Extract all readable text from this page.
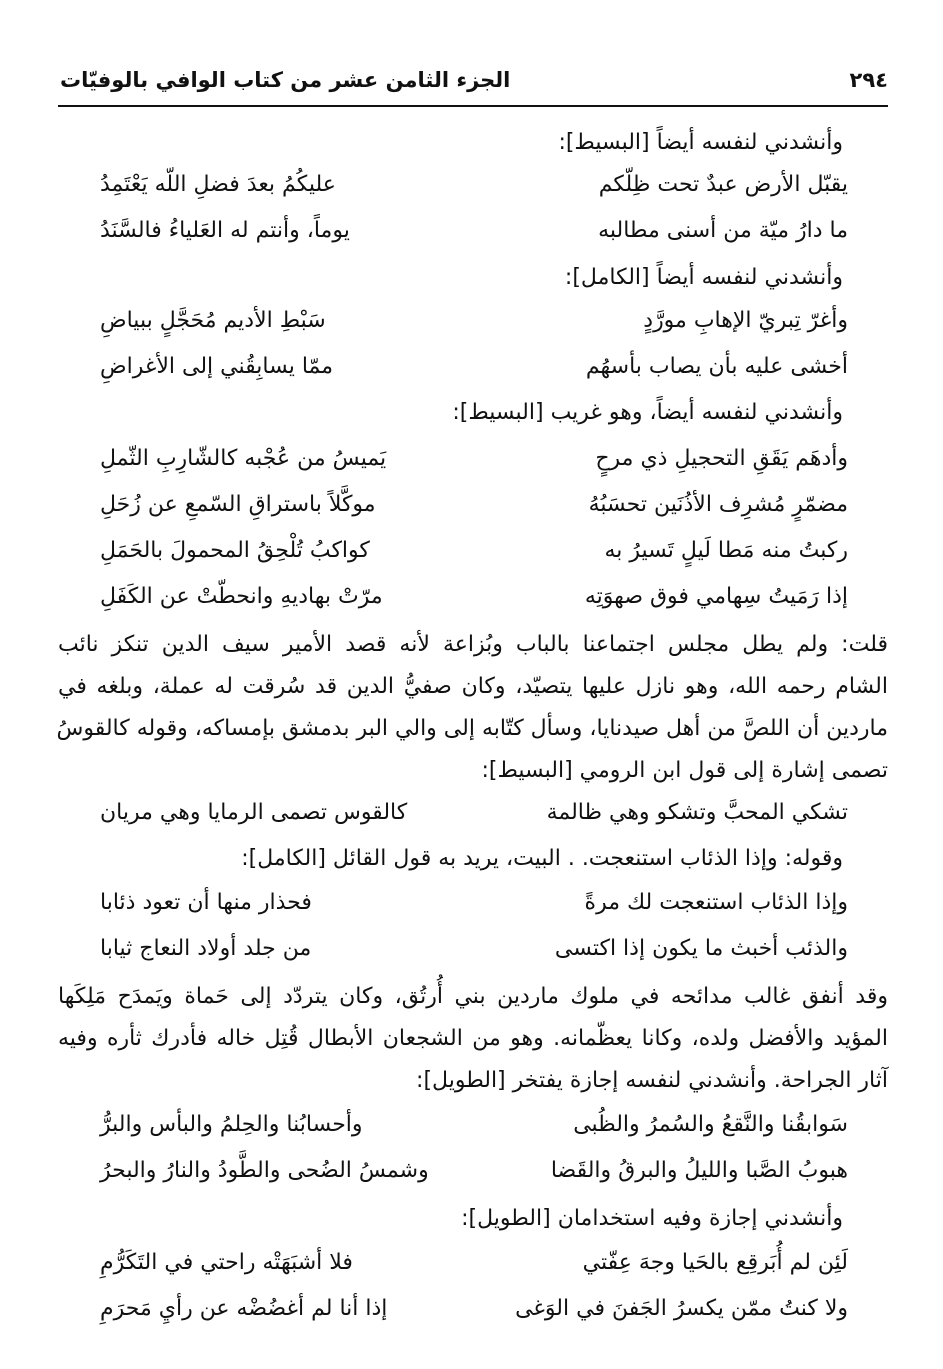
٢٩٤
الجزء الثامن عشر من كتاب الوافي بالوفيّات
وأنشدني لنفسه أيضاً [البسيط]:
يقبّل الأرض عبدٌ تحت ظِلّكم
عليكُمُ بعدَ فضلِ اللّه يَعْتَمِدُ
ما دارُ ميّة من أسنى مطالبه
يوماً، وأنتم له العَلياءُ فالسَّنَدُ
وأنشدني لنفسه أيضاً [الكامل]:
وأغرّ تِبريّ الإهابِ مورَّدٍ
سَبْطِ الأديم مُحَجَّلٍ ببياضِ
أخشى عليه بأن يصاب بأسهُم
ممّا يسابِقُني إلى الأغراضِ
وأنشدني لنفسه أيضاً، وهو غريب [البسيط]:
وأدهَم يَقَقِ التحجيلِ ذي مرحٍ
يَميسُ من عُجْبه كالشّارِبِ الثّملِ
مضمّرٍ مُشرِف الأذُنَين تحسَبُهُ
موكَّلاً باستراقِ السّمعِ عن زُحَلِ
ركبتُ منه مَطا لَيلٍ تَسيرُ به
كواكبُ تُلْحِقُ المحمولَ بالحَمَلِ
إذا رَمَيتُ سِهامي فوق صهوَتِه
مرّتْ بهاديهِ وانحطّتْ عن الكَفَلِ
قلت: ولم يطل مجلس اجتماعنا بالباب وبُزاعة لأنه قصد الأمير سيف الدين تنكز نائب
الشام رحمه الله، وهو نازل عليها يتصيّد، وكان صفيُّ الدين قد سُرقت له عملة، وبلغه في
ماردين أن اللصَّ من أهل صيدنايا، وسأل كتّابه إلى والي البر بدمشق بإمساكه، وقوله كالقوسُ
تصمى إشارة إلى قول ابن الرومي [البسيط]:
تشكي المحبَّ وتشكو وهي ظالمة
كالقوس تصمى الرمايا وهي مريان
وقوله: وإذا الذئاب استنعجت. . البيت، يريد به قول القائل [الكامل]:
وإذا الذئاب استنعجت لك مرةً
فحذار منها أن تعود ذئابا
والذئب أخبث ما يكون إذا اكتسى
من جلد أولاد النعاج ثيابا
وقد أنفق غالب مدائحه في ملوك ماردين بني أُرتُق، وكان يتردّد إلى حَماة ويَمدَح مَلِكَها
المؤيد والأفضل ولده، وكانا يعظّمانه. وهو من الشجعان الأبطال قُتِل خاله فأدرك ثأره وفيه
آثار الجراحة. وأنشدني لنفسه إجازة يفتخر [الطويل]:
سَوابقُنا والنَّقعُ والسُمرُ والظُبى
وأحسابُنا والحِلمُ والبأس والبرُّ
هبوبُ الصَّبا والليلُ والبرقُ والقَضا
وشمسُ الضُحى والطَّودُ والنارُ والبحرُ
وأنشدني إجازة وفيه استخدامان [الطويل]:
لَئِن لم أُبَرقِع بالحَيا وجهَ عِفّتي
فلا أشبَهَتْه راحتي في التَكَرُّمِ
ولا كنتُ ممّن يكسرُ الجَفنَ في الوَغى
إذا أنا لم أغضُضْه عن رأيِ مَحرَمِ
